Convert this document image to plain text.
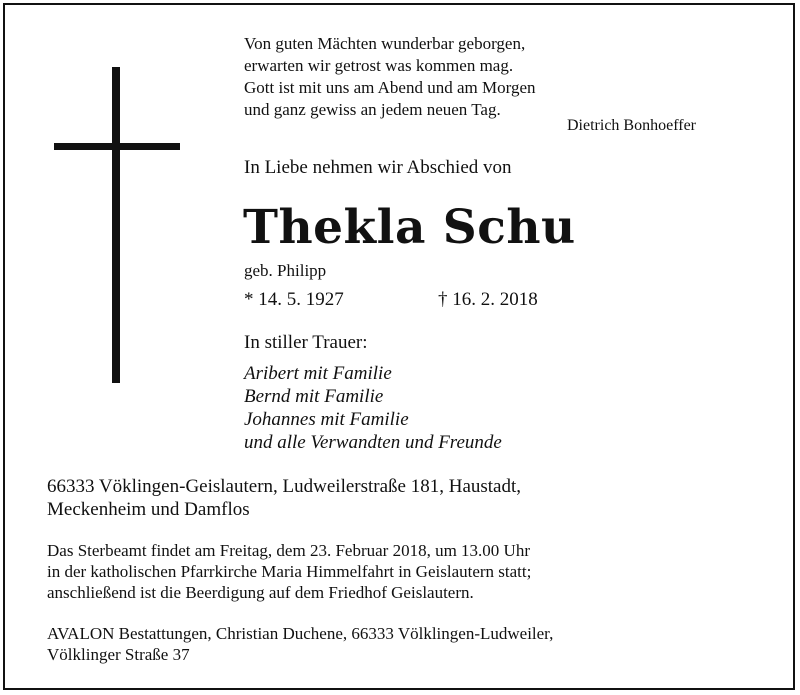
Von guten Mächten wunderbar geborgen,
erwarten wir getrost was kommen mag.
Gott ist mit uns am Abend und am Morgen
und ganz gewiss an jedem neuen Tag.
Dietrich Bonhoeffer
In Liebe nehmen wir Abschied von
Thekla Schu
geb. Philipp
* 14. 5. 1927	† 16. 2. 2018
In stiller Trauer:
Aribert mit Familie
Bernd mit Familie
Johannes mit Familie
und alle Verwandten und Freunde
66333 Vöklingen-Geislautern, Ludweilerstraße 181, Haustadt,
Meckenheim und Damflos
Das Sterbeamt findet am Freitag, dem 23. Februar 2018, um 13.00 Uhr
in der katholischen Pfarrkirche Maria Himmelfahrt in Geislautern statt;
anschließend ist die Beerdigung auf dem Friedhof Geislautern.
AVALON Bestattungen, Christian Duchene, 66333 Völklingen-Ludweiler,
Völklinger Straße 37
